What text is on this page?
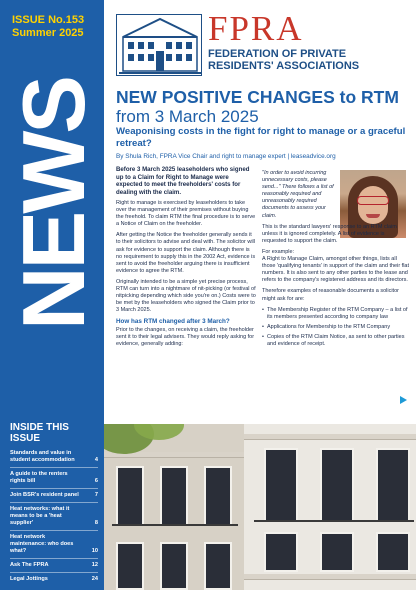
ISSUE No.153
Summer 2025
NEWS
INSIDE THIS ISSUE
Standards and value in student accommodation	4
A guide to the renters rights bill	6
Join BSR's resident panel	7
Heat networks: what it means to be a 'heat supplier'	8
Heat network maintenance: who does what?	10
Ask The FPRA	12
Legal Jottings	24
FPRA
FEDERATION OF PRIVATE
RESIDENTS' ASSOCIATIONS
NEW POSITIVE CHANGES to RTM
from 3 March 2025
Weaponising costs in the fight for right to manage or a graceful retreat?
By Shula Rich, FPRA Vice Chair and right to manage expert | leaseadvice.org
Before 3 March 2025 leaseholders who signed up to a Claim for Right to Manage were expected to meet the freeholders' costs for dealing with the claim.
Right to manage is exercised by leaseholders to take over the management of their premises without buying the freehold. To claim RTM the final procedure is to serve a Notice of Claim on the freeholder.
After getting the Notice the freeholder generally sends it to their solicitors to advise and deal with. The solicitor will ask for evidence to support the claim. Although there is no requirement to supply this in the 2002 Act, evidence is sent to avoid the freeholder arguing there is insufficient evidence to agree the RTM.
Originally intended to be a simple yet precise process, RTM can turn into a nightmare of nit-picking (or festival of nitpicking depending which side you're on.) Costs were to be met by the leaseholders who signed the Claim prior to 3 March 2025.
How has RTM changed after 3 March?
Prior to the changes, on receiving a claim, the freeholder sent it to their legal advisers. They would reply asking for evidence, generally adding:
"In order to avoid incurring unnecessary costs, please send..." There follows a list of reasonably required and unreasonably required documents to assess your claim.
This is the standard lawyers' response to an RTM claim unless it is ignored completely. A list of evidence is requested to support the claim.
For example:
A Right to Manage Claim, amongst other things, lists all those 'qualifying tenants' in support of the claim and their flat numbers. It is also sent to any other parties to the lease and refers to the company's registered address and its directors.
Therefore examples of reasonable documents a solicitor might ask for are:
• The Membership Register of the RTM Company – a list of its members presented according to company law
• Applications for Membership to the RTM Company
• Copies of the RTM Claim Notice, as sent to other parties and evidence of receipt.
